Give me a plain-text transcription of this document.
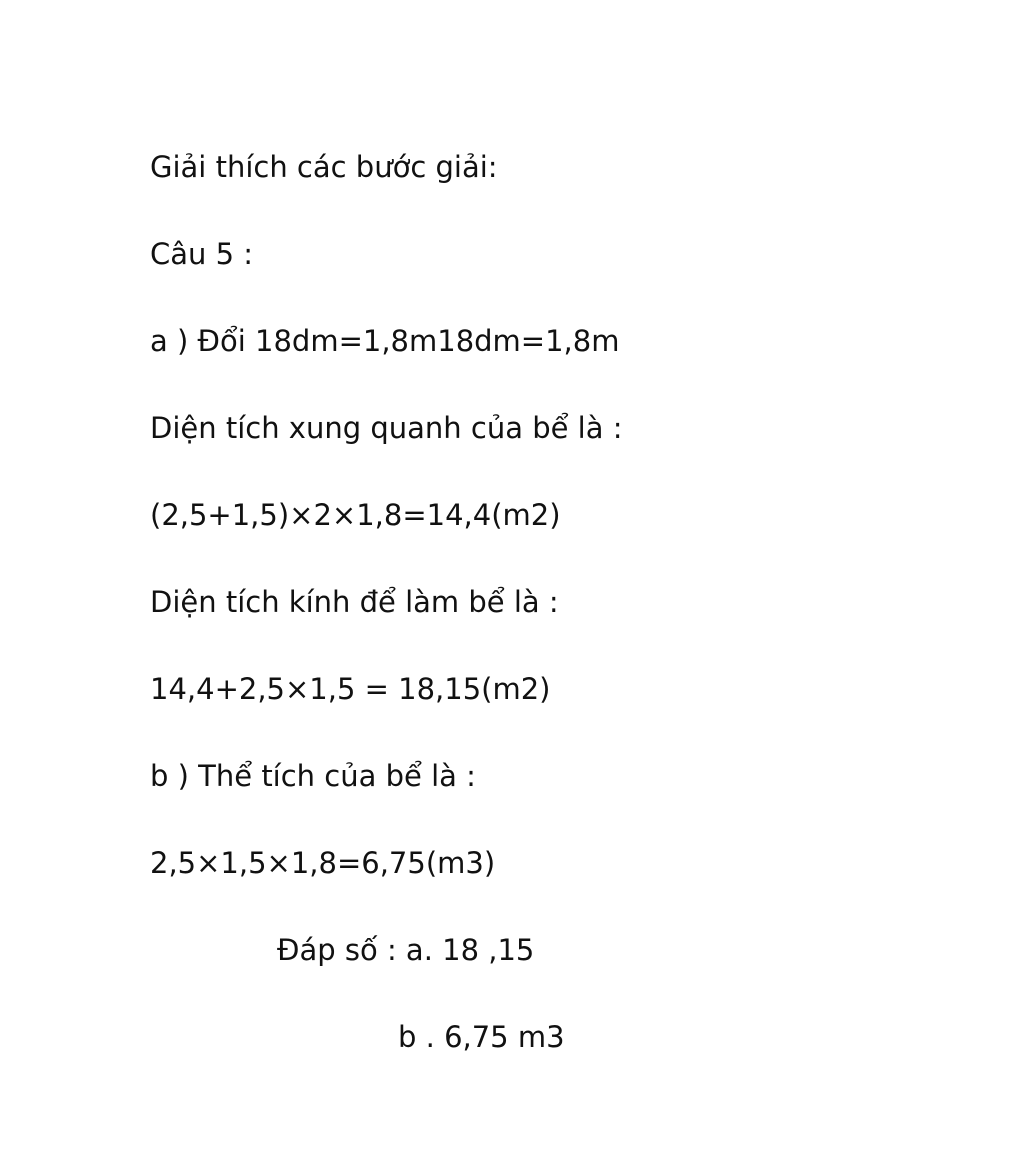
Giải thích các bước giải:
Câu 5 :
a ) Đổi 18dm=1,8m18dm=1,8m
Diện tích xung quanh của bể là :
(2,5+1,5)×2×1,8=14,4(m2)
Diện tích kính để làm bể là :
14,4+2,5×1,5 = 18,15(m2)
b ) Thể tích của bể là :
2,5×1,5×1,8=6,75(m3)
Đáp số : a. 18 ,15
b . 6,75 m3
